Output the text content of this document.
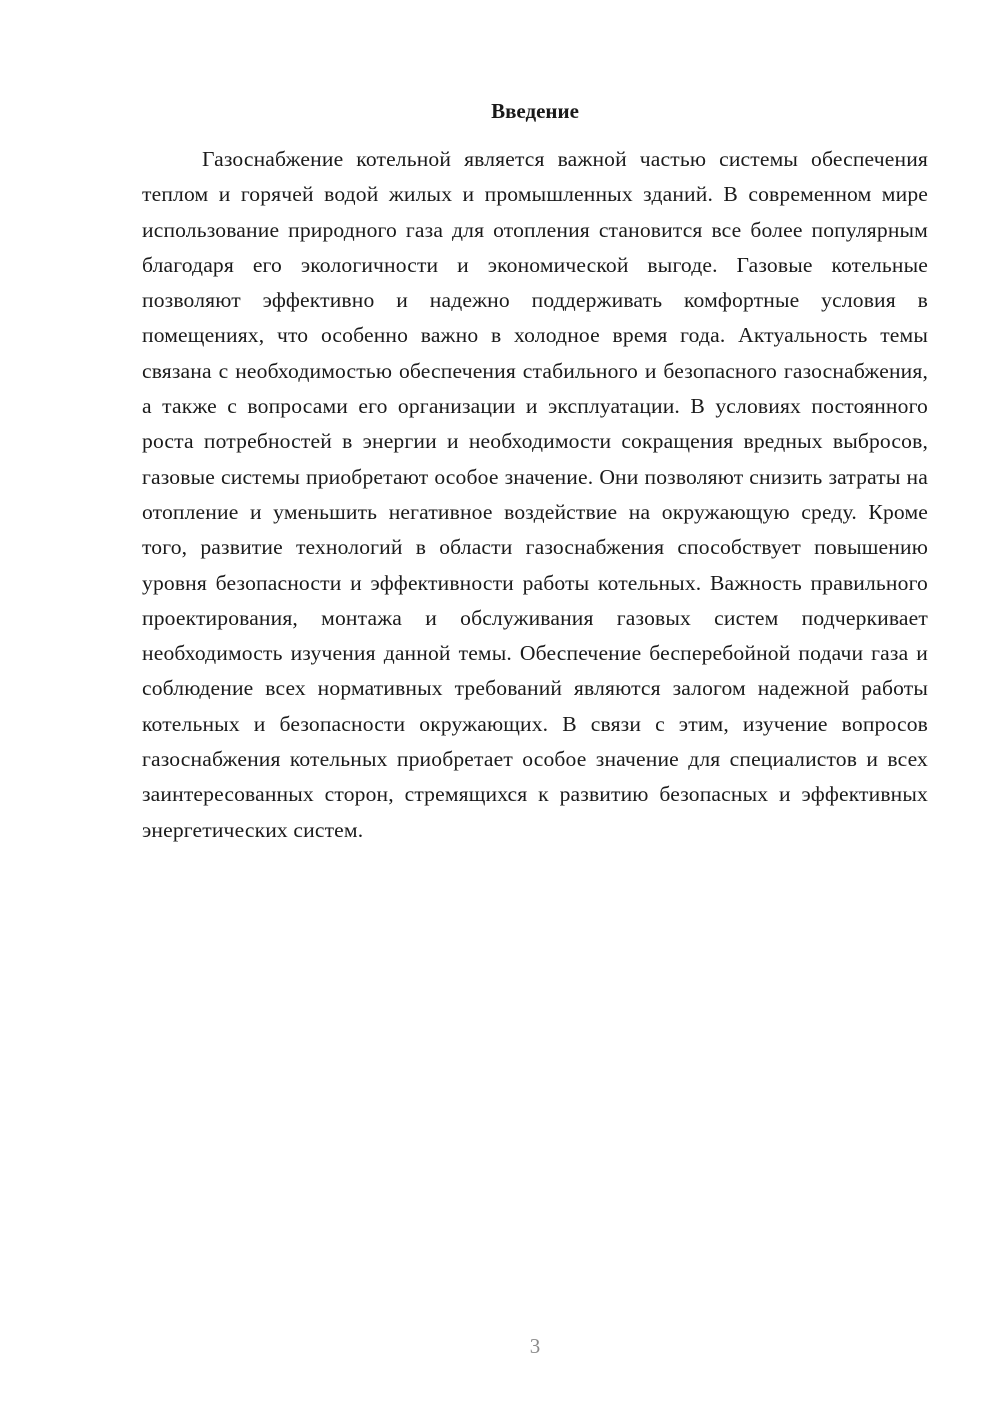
Введение

Газоснабжение котельной является важной частью системы обеспечения теплом и горячей водой жилых и промышленных зданий. В современном мире использование природного газа для отопления становится все более популярным благодаря его экологичности и экономической выгоде. Газовые котельные позволяют эффективно и надежно поддерживать комфортные условия в помещениях, что особенно важно в холодное время года. Актуальность темы связана с необходимостью обеспечения стабильного и безопасного газоснабжения, а также с вопросами его организации и эксплуатации. В условиях постоянного роста потребностей в энергии и необходимости сокращения вредных выбросов, газовые системы приобретают особое значение. Они позволяют снизить затраты на отопление и уменьшить негативное воздействие на окружающую среду. Кроме того, развитие технологий в области газоснабжения способствует повышению уровня безопасности и эффективности работы котельных. Важность правильного проектирования, монтажа и обслуживания газовых систем подчеркивает необходимость изучения данной темы. Обеспечение бесперебойной подачи газа и соблюдение всех нормативных требований являются залогом надежной работы котельных и безопасности окружающих. В связи с этим, изучение вопросов газоснабжения котельных приобретает особое значение для специалистов и всех заинтересованных сторон, стремящихся к развитию безопасных и эффективных энергетических систем.

3
